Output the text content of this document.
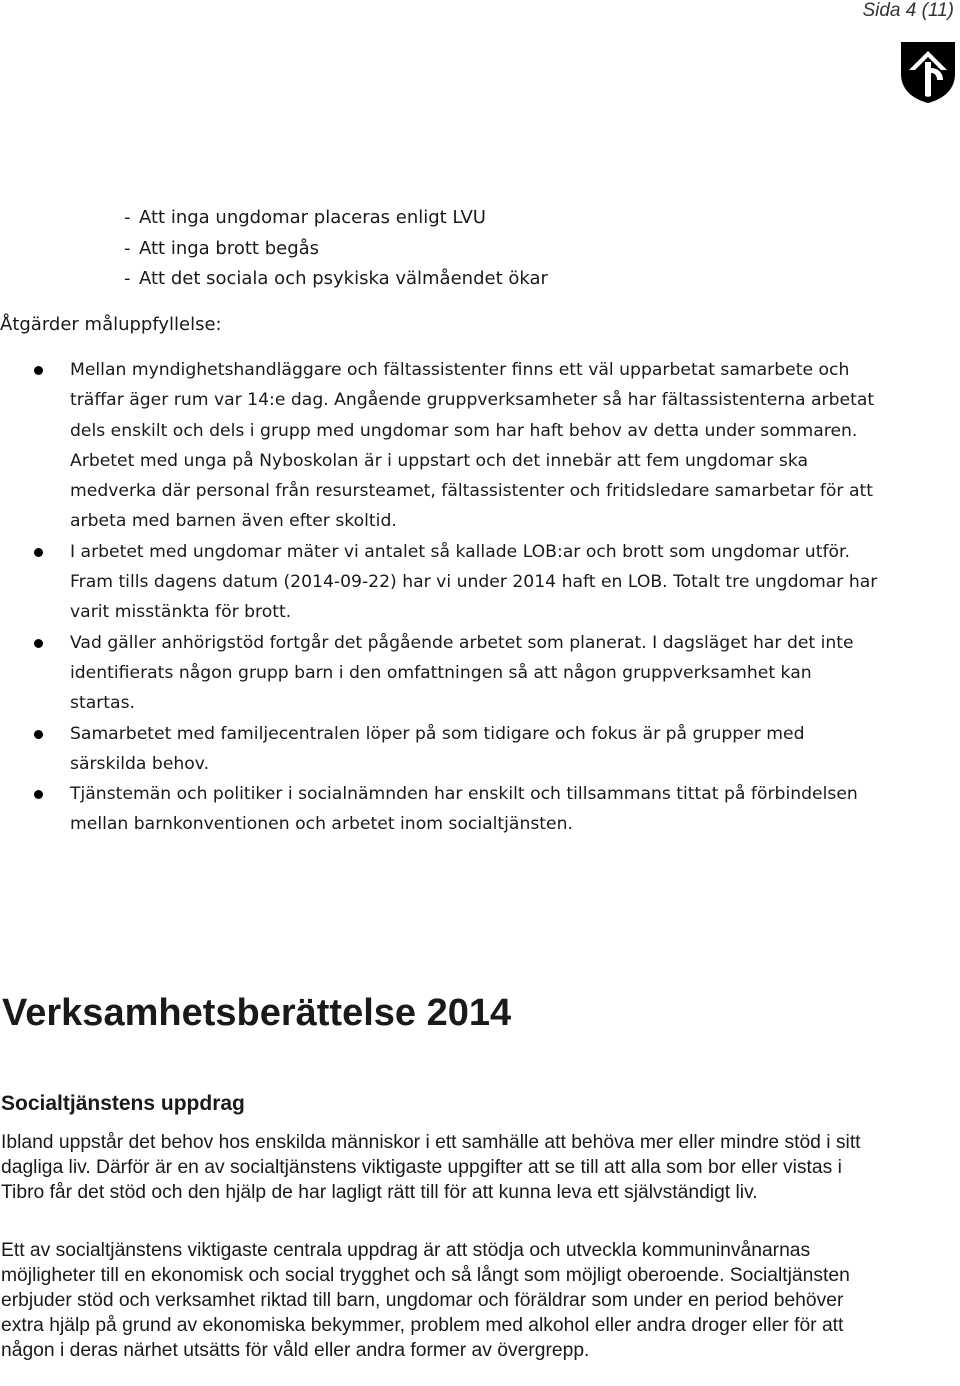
Sida 4 (11)
- Att inga ungdomar placeras enligt LVU
- Att inga brott begås
- Att det sociala och psykiska välmåendet ökar
Åtgärder måluppfyllelse:
Mellan myndighetshandläggare och fältassistenter finns ett väl upparbetat samarbete och träffar äger rum var 14:e dag. Angående gruppverksamheter så har fältassistenterna arbetat dels enskilt och dels i grupp med ungdomar som har haft behov av detta under sommaren. Arbetet med unga på Nyboskolan är i uppstart och det innebär att fem ungdomar ska medverka där personal från resursteamet, fältassistenter och fritidsledare samarbetar för att arbeta med barnen även efter skoltid.
I arbetet med ungdomar mäter vi antalet så kallade LOB:ar och brott som ungdomar utför. Fram tills dagens datum (2014-09-22) har vi under 2014 haft en LOB. Totalt tre ungdomar har varit misstänkta för brott.
Vad gäller anhörigstöd fortgår det pågående arbetet som planerat. I dagsläget har det inte identifierats någon grupp barn i den omfattningen så att någon gruppverksamhet kan startas.
Samarbetet med familjecentralen löper på som tidigare och fokus är på grupper med särskilda behov.
Tjänstemän och politiker i socialnämnden har enskilt och tillsammans tittat på förbindelsen mellan barnkonventionen och arbetet inom socialtjänsten.
Verksamhetsberättelse 2014
Socialtjänstens uppdrag

Ibland uppstår det behov hos enskilda människor i ett samhälle att behöva mer eller mindre stöd i sitt dagliga liv. Därför är en av socialtjänstens viktigaste uppgifter att se till att alla som bor eller vistas i Tibro får det stöd och den hjälp de har lagligt rätt till för att kunna leva ett självständigt liv.

Ett av socialtjänstens viktigaste centrala uppdrag är att stödja och utveckla kommuninvånarnas möjligheter till en ekonomisk och social trygghet och så långt som möjligt oberoende. Socialtjänsten erbjuder stöd och verksamhet riktad till barn, ungdomar och föräldrar som under en period behöver extra hjälp på grund av ekonomiska bekymmer, problem med alkohol eller andra droger eller för att någon i deras närhet utsätts för våld eller andra former av övergrepp.
